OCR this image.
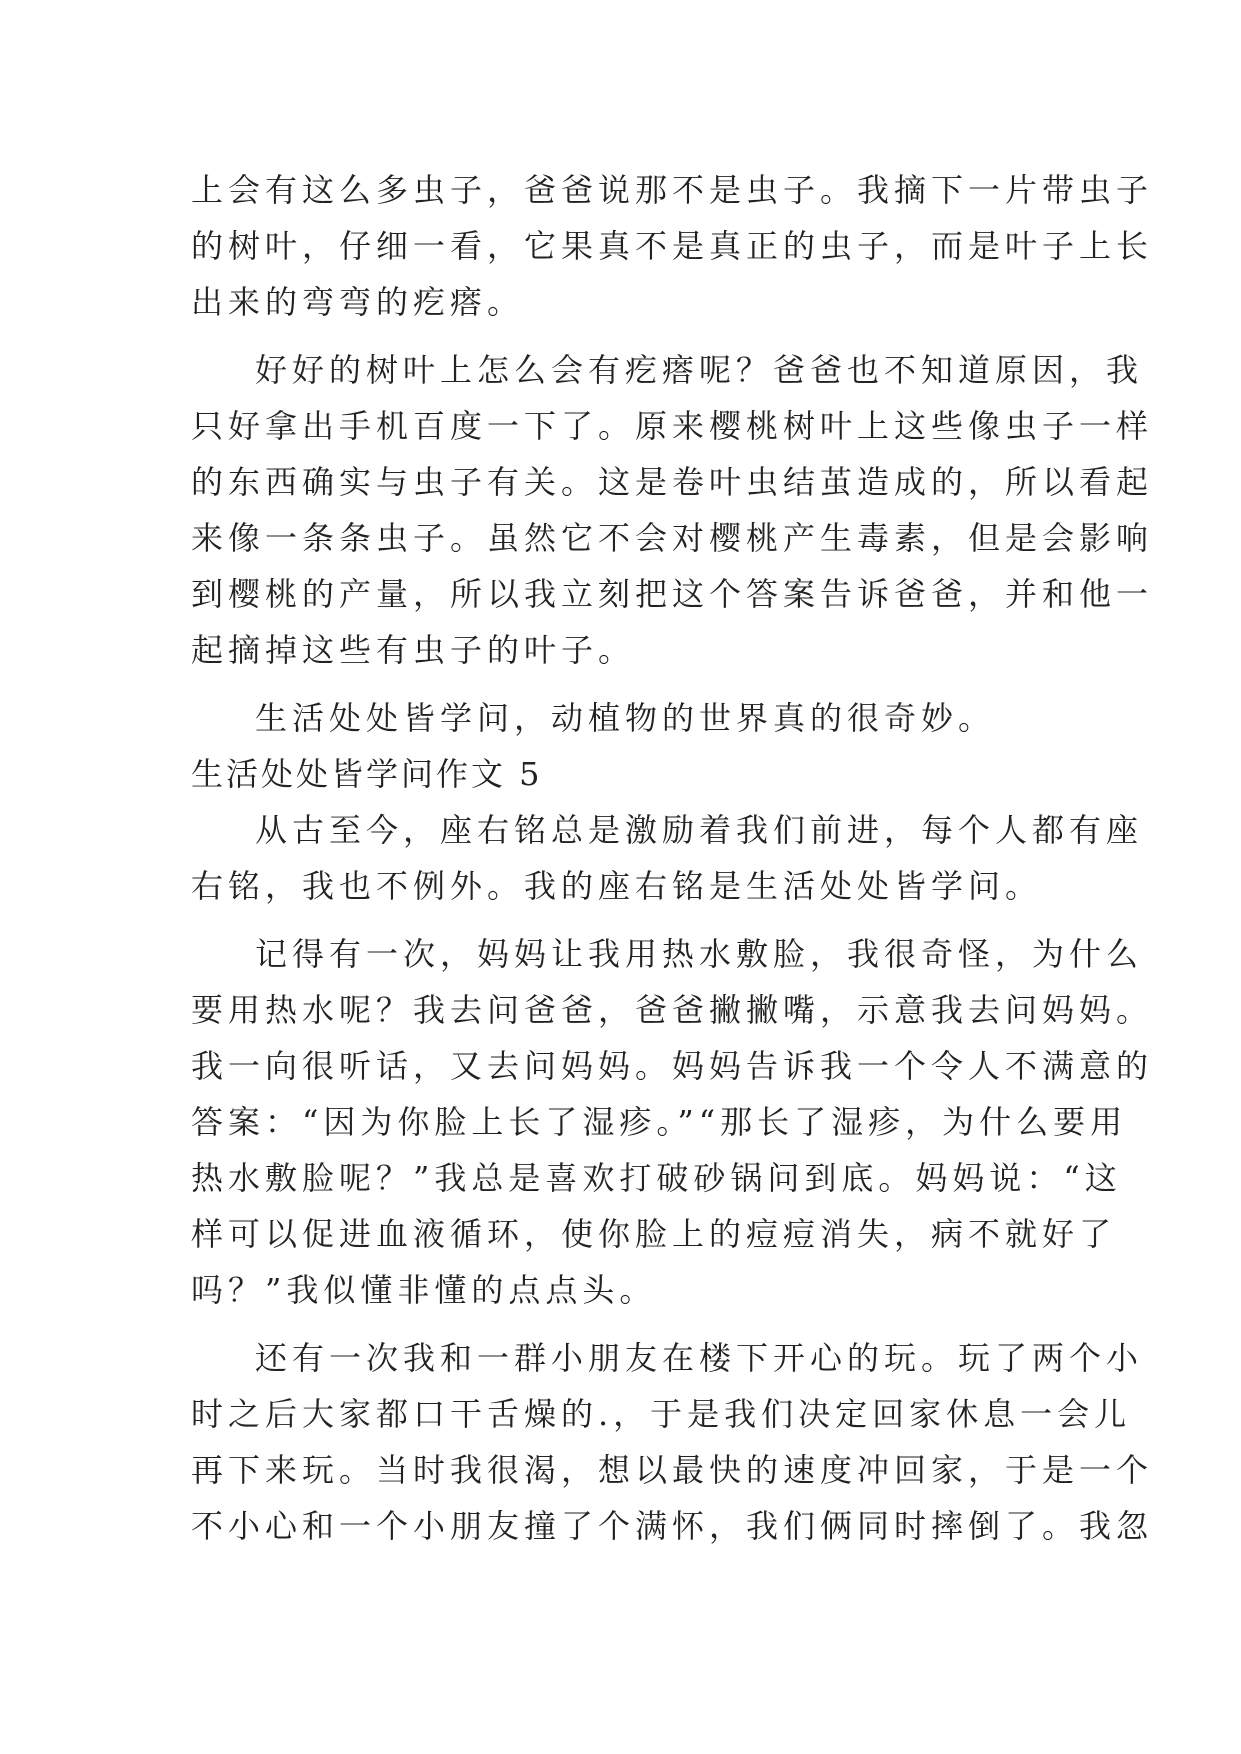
上会有这么多虫子，爸爸说那不是虫子。我摘下一片带虫子
的树叶，仔细一看，它果真不是真正的虫子，而是叶子上长
出来的弯弯的疙瘩。
好好的树叶上怎么会有疙瘩呢？爸爸也不知道原因，我
只好拿出手机百度一下了。原来樱桃树叶上这些像虫子一样
的东西确实与虫子有关。这是卷叶虫结茧造成的，所以看起
来像一条条虫子。虽然它不会对樱桃产生毒素，但是会影响
到樱桃的产量，所以我立刻把这个答案告诉爸爸，并和他一
起摘掉这些有虫子的叶子。
生活处处皆学问，动植物的世界真的很奇妙。
生活处处皆学问作文 5
从古至今，座右铭总是激励着我们前进，每个人都有座
右铭，我也不例外。我的座右铭是生活处处皆学问。
记得有一次，妈妈让我用热水敷脸，我很奇怪，为什么
要用热水呢？我去问爸爸，爸爸撇撇嘴，示意我去问妈妈。
我一向很听话，又去问妈妈。妈妈告诉我一个令人不满意的
答案：“因为你脸上长了湿疹。”“那长了湿疹，为什么要用
热水敷脸呢？”我总是喜欢打破砂锅问到底。妈妈说：“这
样可以促进血液循环，使你脸上的痘痘消失，病不就好了
吗？”我似懂非懂的点点头。
还有一次我和一群小朋友在楼下开心的玩。玩了两个小
时之后大家都口干舌燥的.，于是我们决定回家休息一会儿
再下来玩。当时我很渴，想以最快的速度冲回家，于是一个
不小心和一个小朋友撞了个满怀，我们俩同时摔倒了。我忽
